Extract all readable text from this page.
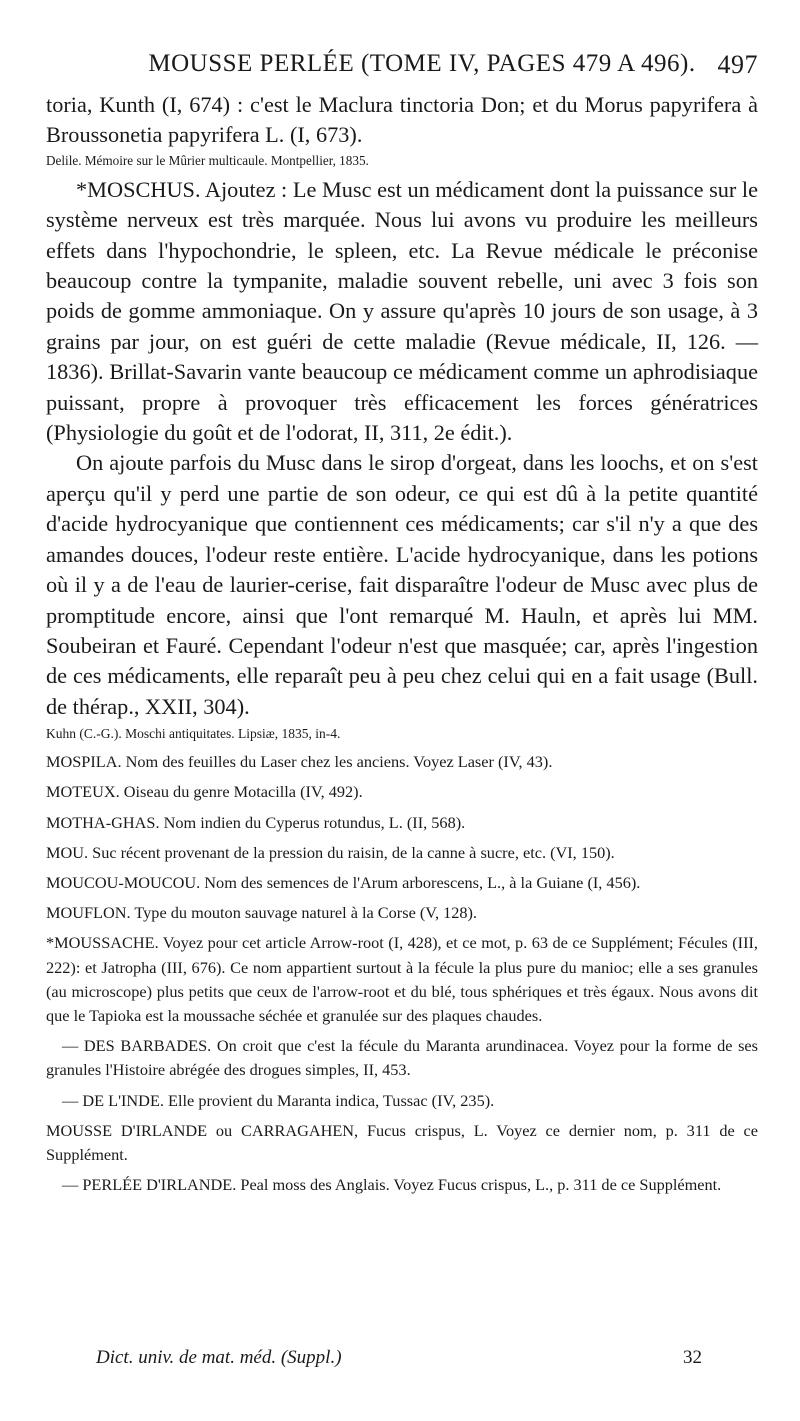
MOUSSE PERLÉE (TOME IV, PAGES 479 A 496). 497

toria, Kunth (I, 674) : c'est le Maclura tinctoria Don; et du Morus papyrifera à Broussonetia papyrifera L. (I, 673).

Delile. Mémoire sur le Mûrier multicaule. Montpellier, 1835.

*MOSCHUS. Ajoutez : Le Musc est un médicament dont la puissance sur le système nerveux est très marquée. Nous lui avons vu produire les meilleurs effets dans l'hypochondrie, le spleen, etc. La Revue médicale le préconise beaucoup contre la tympanite, maladie souvent rebelle, uni avec 3 fois son poids de gomme ammoniaque. On y assure qu'après 10 jours de son usage, à 3 grains par jour, on est guéri de cette maladie (Revue médicale, II, 126. — 1836). Brillat-Savarin vante beaucoup ce médicament comme un aphrodisiaque puissant, propre à provoquer très efficacement les forces génératrices (Physiologie du goût et de l'odorat, II, 311, 2e édit.).

On ajoute parfois du Musc dans le sirop d'orgeat, dans les loochs, et on s'est aperçu qu'il y perd une partie de son odeur, ce qui est dû à la petite quantité d'acide hydrocyanique que contiennent ces médicaments; car s'il n'y a que des amandes douces, l'odeur reste entière. L'acide hydrocyanique, dans les potions où il y a de l'eau de laurier-cerise, fait disparaître l'odeur de Musc avec plus de promptitude encore, ainsi que l'ont remarqué M. Hauln, et après lui MM. Soubeiran et Fauré. Cependant l'odeur n'est que masquée; car, après l'ingestion de ces médicaments, elle reparaît peu à peu chez celui qui en a fait usage (Bull. de thérap., XXII, 304).

Kuhn (C.-G.). Moschi antiquitates. Lipsiæ, 1835, in-4.

MOSPILA. Nom des feuilles du Laser chez les anciens. Voyez Laser (IV, 43).

MOTEUX. Oiseau du genre Motacilla (IV, 492).

MOTHA-GHAS. Nom indien du Cyperus rotundus, L. (II, 568).

MOU. Suc récent provenant de la pression du raisin, de la canne à sucre, etc. (VI, 150).

MOUCOU-MOUCOU. Nom des semences de l'Arum arborescens, L., à la Guiane (I, 456).

MOUFLON. Type du mouton sauvage naturel à la Corse (V, 128).

*MOUSSACHE. Voyez pour cet article Arrow-root (I, 428), et ce mot, p. 63 de ce Supplément; Fécules (III, 222): et Jatropha (III, 676). Ce nom appartient surtout à la fécule la plus pure du manioc; elle a ses granules (au microscope) plus petits que ceux de l'arrow-root et du blé, tous sphériques et très égaux. Nous avons dit que le Tapioka est la moussache séchée et granulée sur des plaques chaudes.

— DES BARBADES. On croit que c'est la fécule du Maranta arundinacea. Voyez pour la forme de ses granules l'Histoire abrégée des drogues simples, II, 453.

— DE L'INDE. Elle provient du Maranta indica, Tussac (IV, 235).

MOUSSE D'IRLANDE ou CARRAGAHEN, Fucus crispus, L. Voyez ce dernier nom, p. 311 de ce Supplément.

— PERLÉE D'IRLANDE. Peal moss des Anglais. Voyez Fucus crispus, L., p. 311 de ce Supplément.

Dict. univ. de mat. méd. (Suppl.)	32
